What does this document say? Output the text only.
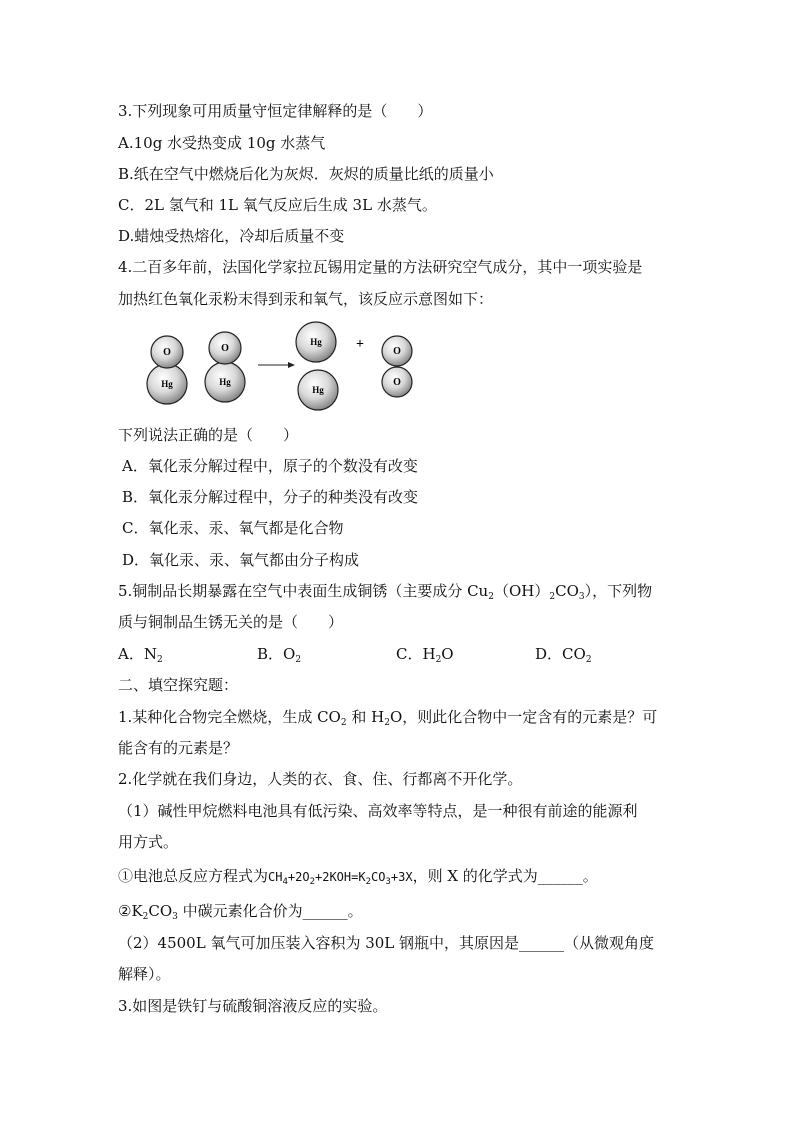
3.下列现象可用质量守恒定律解释的是（　　）
A.10g 水受热变成 10g 水蒸气
B.纸在空气中燃烧后化为灰烬．灰烬的质量比纸的质量小
C．2L 氢气和 1L 氧气反应后生成 3L 水蒸气。
D.蜡烛受热熔化，冷却后质量不变
4.二百多年前，法国化学家拉瓦锡用定量的方法研究空气成分，其中一项实验是
加热红色氧化汞粉末得到汞和氧气，该反应示意图如下：
O
Hg
O
Hg
Hg
Hg
+	O
O
下列说法正确的是（　　）
A．氧化汞分解过程中，原子的个数没有改变
B．氧化汞分解过程中，分子的种类没有改变
C．氧化汞、汞、氧气都是化合物
D．氧化汞、汞、氧气都由分子构成
5.铜制品长期暴露在空气中表面生成铜锈（主要成分 $Cu_2(OH)_2CO_3$），下列物
质与铜制品生锈无关的是（　　）
A．$N_2$	B．$O_2$	C．$H_2O$	D．$CO_2$
二、填空探究题：
1.某种化合物完全燃烧，生成 $CO_2$ 和 $H_2O$，则此化合物中一定含有的元素是？可
能含有的元素是？
2.化学就在我们身边，人类的衣、食、住、行都离不开化学。
（1）碱性甲烷燃料电池具有低污染、高效率等特点，是一种很有前途的能源利
用方式。
①电池总反应方程式为$CH_4+2O_2+2KOH=K_2CO_3+3X$，则 X 的化学式为______。
$②K_2CO_3$ 中碳元素化合价为______。
（2）4500L 氧气可加压装入容积为 30L 钢瓶中，其原因是______（从微观角度
解释）。
3.如图是铁钉与硫酸铜溶液反应的实验。
